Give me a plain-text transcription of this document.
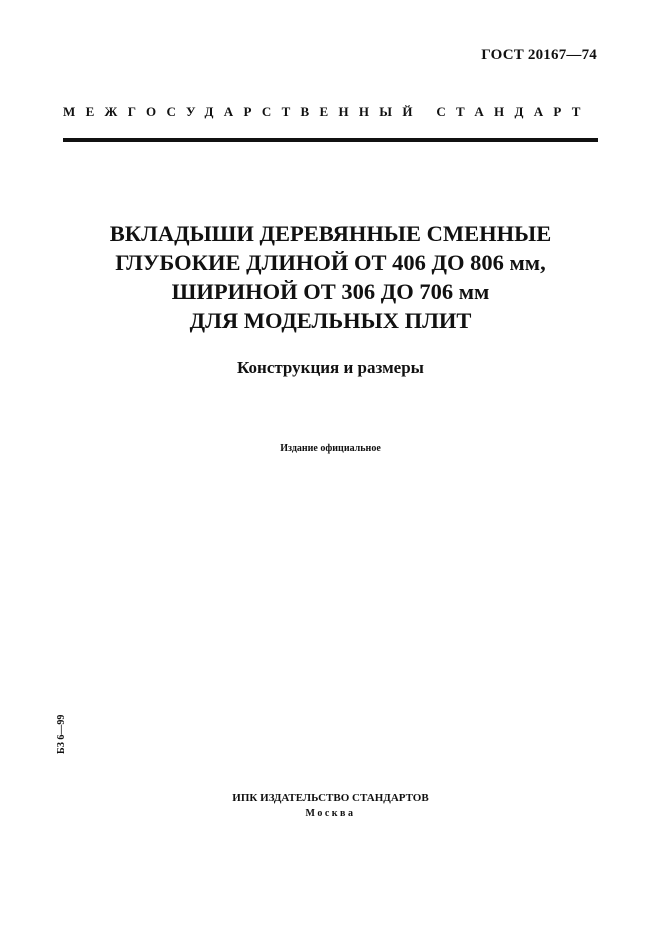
ГОСТ 20167—74
МЕЖГОСУДАРСТВЕННЫЙ СТАНДАРТ
ВКЛАДЫШИ ДЕРЕВЯННЫЕ СМЕННЫЕ
ГЛУБОКИЕ ДЛИНОЙ ОТ 406 ДО 806 мм,
ШИРИНОЙ ОТ 306 ДО 706 мм
ДЛЯ МОДЕЛЬНЫХ ПЛИТ
Конструкция и размеры
Издание официальное
БЗ 6—99
ИПК ИЗДАТЕЛЬСТВО СТАНДАРТОВ
Москва
